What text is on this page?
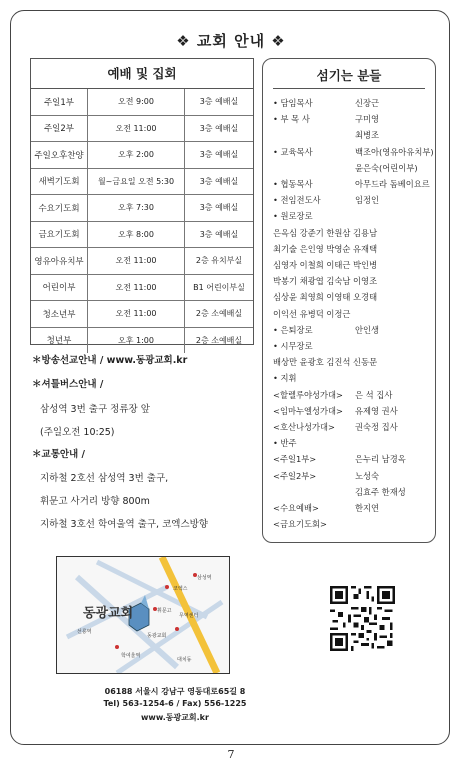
❖ 교회 안내 ❖
예배 및 집회
주일1부	오전 9:00	3층 예배실
주일2부	오전 11:00	3층 예배실
주일오후찬양	오후 2:00	3층 예배실
새벽기도회	월~금요일 오전 5:30	3층 예배실
수요기도회	오후 7:30	3층 예배실
금요기도회	오후 8:00	3층 예배실
영유아유치부	오전 11:00	2층 유치부실
어린이부	오전 11:00	B1 어린이부실
청소년부	오전 11:00	2층 소예배실
청년부	오후 1:00	2층 소예배실
섬기는 분들
• 담임목사	신장근
• 부 목 사	구미영
최병조
• 교육목사	백조아(영유아유치부)
윤은숙(어린이부)
• 협동목사	아무드라 돔베이요르
• 전임전도사	임정인
• 원로장로
은옥심 강준기 한원삼 김용남
최기술 은인영 박영순 유재택
심영자 이철희 이태근 박인병
박봉기 채광엽 김숙남 이영조
심상윤 최영희 이영태 오경태
이익선 유병덕 이정근
• 은퇴장로	안인생
• 시무장로
배상만 윤광호 김진석 신동문
• 지휘
<할렐루야성가대> 은 석 집사
<임마누엘성가대> 유제영 권사
<호산나성가대> 권숙정 집사
• 반주
<주일1부>	은누리 남경옥
<주일2부>	노성숙
김효주 한재성
<수요예배>	한지연
<금요기도회>
＊방송선교안내 / www.동광교회.kr
＊셔틀버스안내 /
삼성역 3번 출구 정류장 앞
(주일오전 10:25)
＊교통안내 /
지하철 2호선 삼성역 3번 출구,
휘문고 사거리 방향 800m
지하철 3호선 학여울역 출구, 코엑스방향
동광교회
코엑스
휘문고
동광교회
삼성역
무역센터
선릉역
학여울역
대치동
06188 서울시 강남구 영동대로65길 8
Tel) 563-1254-6 / Fax) 556-1225
www.동광교회.kr
7
